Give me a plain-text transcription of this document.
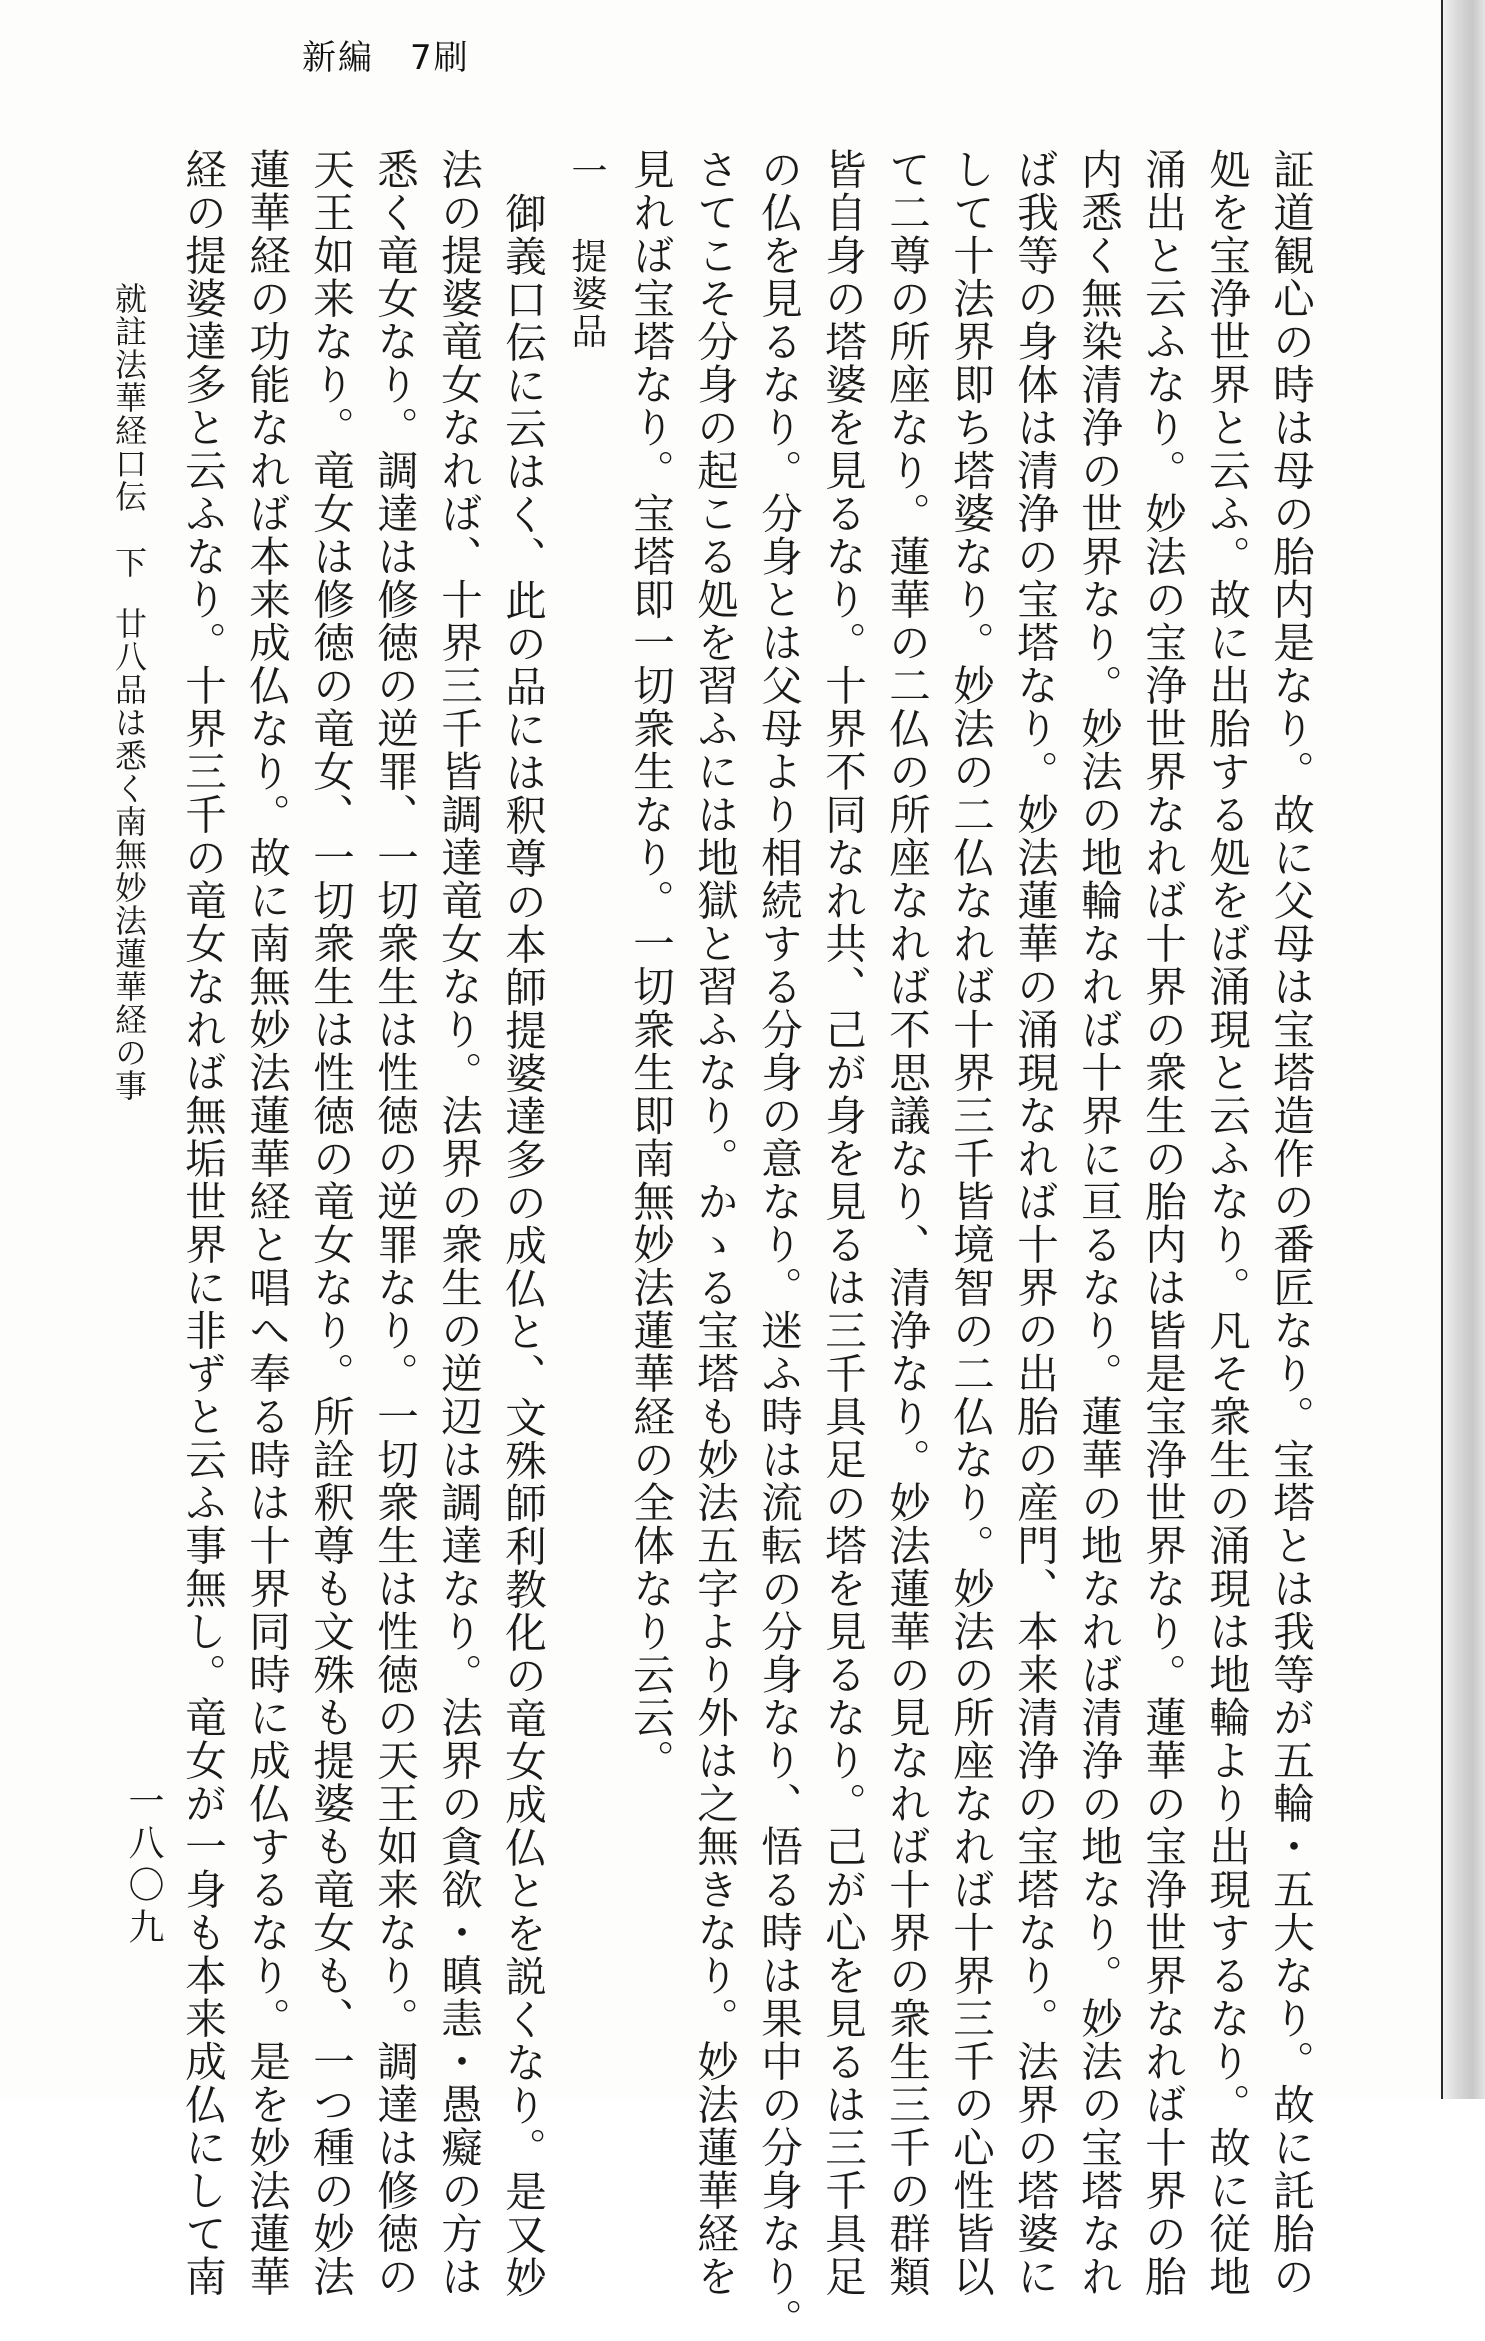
新編　7刷
証道観心の時は母の胎内是なり。故に父母は宝塔造作の番匠なり。宝塔とは我等が五輪・五大なり。故に託胎の
処を宝浄世界と云ふ。故に出胎する処をば涌現と云ふなり。凡そ衆生の涌現は地輪より出現するなり。故に従地
涌出と云ふなり。妙法の宝浄世界なれば十界の衆生の胎内は皆是宝浄世界なり。蓮華の宝浄世界なれば十界の胎
内悉く無染清浄の世界なり。妙法の地輪なれば十界に亘るなり。蓮華の地なれば清浄の地なり。妙法の宝塔なれ
ば我等の身体は清浄の宝塔なり。妙法蓮華の涌現なれば十界の出胎の産門、本来清浄の宝塔なり。法界の塔婆に
して十法界即ち塔婆なり。妙法の二仏なれば十界三千皆境智の二仏なり。妙法の所座なれば十界三千の心性皆以
て二尊の所座なり。蓮華の二仏の所座なれば不思議なり、清浄なり。妙法蓮華の見なれば十界の衆生三千の群類
皆自身の塔婆を見るなり。十界不同なれ共、己が身を見るは三千具足の塔を見るなり。己が心を見るは三千具足
の仏を見るなり。分身とは父母より相続する分身の意なり。迷ふ時は流転の分身なり、悟る時は果中の分身なり。
さてこそ分身の起こる処を習ふには地獄と習ふなり。かゝる宝塔も妙法五字より外は之無きなり。妙法蓮華経を
見れば宝塔なり。宝塔即一切衆生なり。一切衆生即南無妙法蓮華経の全体なり云云。
一提婆品
御義口伝に云はく、此の品には釈尊の本師提婆達多の成仏と、文殊師利教化の竜女成仏とを説くなり。是又妙
法の提婆竜女なれば、十界三千皆調達竜女なり。法界の衆生の逆辺は調達なり。法界の貪欲・瞋恚・愚癡の方は
悉く竜女なり。調達は修徳の逆罪、一切衆生は性徳の逆罪なり。一切衆生は性徳の天王如来なり。調達は修徳の
天王如来なり。竜女は修徳の竜女、一切衆生は性徳の竜女なり。所詮釈尊も文殊も提婆も竜女も、一つ種の妙法
蓮華経の功能なれば本来成仏なり。故に南無妙法蓮華経と唱へ奉る時は十界同時に成仏するなり。是を妙法蓮華
経の提婆達多と云ふなり。十界三千の竜女なれば無垢世界に非ずと云ふ事無し。竜女が一身も本来成仏にして南
就註法華経口伝　下廿八品は悉く南無妙法蓮華経の事
一八〇九
